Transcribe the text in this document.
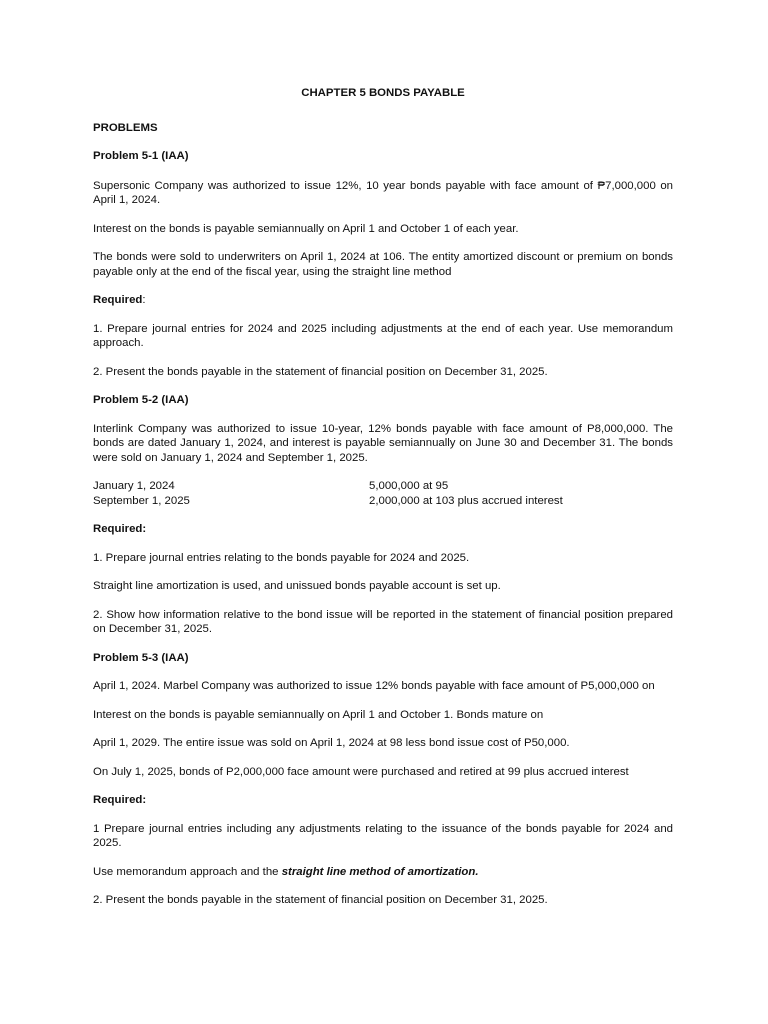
CHAPTER 5 BONDS PAYABLE

PROBLEMS

Problem 5-1 (IAA)

Supersonic Company was authorized to issue 12%, 10 year bonds payable with face amount of ₱7,000,000 on April 1, 2024.

Interest on the bonds is payable semiannually on April 1 and October 1 of each year.

The bonds were sold to underwriters on April 1, 2024 at 106. The entity amortized discount or premium on bonds payable only at the end of the fiscal year, using the straight line method

Required:

1. Prepare journal entries for 2024 and 2025 including adjustments at the end of each year. Use memorandum approach.

2. Present the bonds payable in the statement of financial position on December 31, 2025.

Problem 5-2 (IAA)

Interlink Company was authorized to issue 10-year, 12% bonds payable with face amount of P8,000,000. The bonds are dated January 1, 2024, and interest is payable semiannually on June 30 and December 31. The bonds were sold on January 1, 2024 and September 1, 2025.

January 1, 2024	5,000,000 at 95
September 1, 2025	2,000,000 at 103 plus accrued interest

Required:

1. Prepare journal entries relating to the bonds payable for 2024 and 2025.

Straight line amortization is used, and unissued bonds payable account is set up.

2. Show how information relative to the bond issue will be reported in the statement of financial position prepared on December 31, 2025.

Problem 5-3 (IAA)

April 1, 2024. Marbel Company was authorized to issue 12% bonds payable with face amount of P5,000,000 on

Interest on the bonds is payable semiannually on April 1 and October 1. Bonds mature on

April 1, 2029. The entire issue was sold on April 1, 2024 at 98 less bond issue cost of P50,000.

On July 1, 2025, bonds of P2,000,000 face amount were purchased and retired at 99 plus accrued interest

Required:

1 Prepare journal entries including any adjustments relating to the issuance of the bonds payable for 2024 and 2025.

Use memorandum approach and the straight line method of amortization.

2. Present the bonds payable in the statement of financial position on December 31, 2025.
